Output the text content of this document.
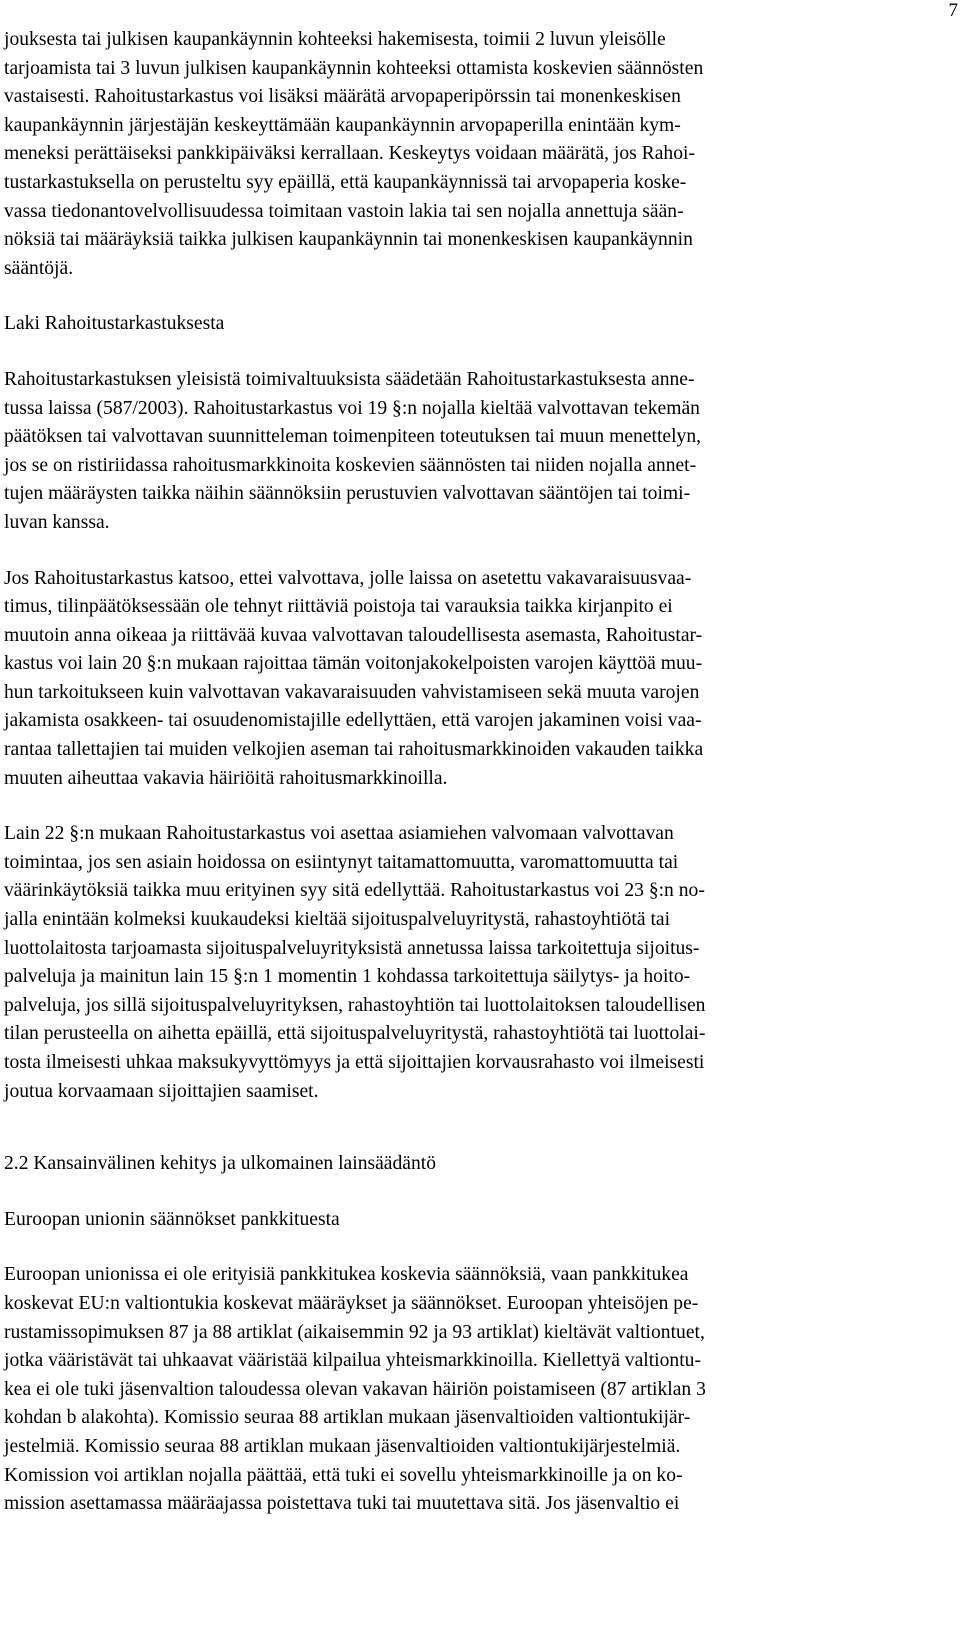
7
jouksesta tai julkisen kaupankäynnin kohteeksi hakemisesta, toimii 2 luvun yleisölle
tarjoamista tai 3 luvun julkisen kaupankäynnin kohteeksi ottamista koskevien säännösten
vastaisesti. Rahoitustarkastus voi lisäksi määrätä arvopaperipörssin tai monenkeskisen
kaupankäynnin järjestäjän keskeyttämään kaupankäynnin arvopaperilla enintään kym-
meneksi perättäiseksi pankkipäiväksi kerrallaan. Keskeytys voidaan määrätä, jos Rahoi-
tustarkastuksella on perusteltu syy epäillä, että kaupankäynnissä tai arvopaperia koske-
vassa tiedonantovelvollisuudessa toimitaan vastoin lakia tai sen nojalla annettuja sään-
nöksiä tai määräyksiä taikka julkisen kaupankäynnin tai monenkeskisen kaupankäynnin
sääntöjä.
Laki Rahoitustarkastuksesta
Rahoitustarkastuksen yleisistä toimivaltuuksista säädetään Rahoitustarkastuksesta anne-
tussa laissa (587/2003). Rahoitustarkastus voi 19 §:n nojalla kieltää valvottavan tekemän
päätöksen tai valvottavan suunnitteleman toimenpiteen toteutuksen tai muun menettelyn,
jos se on ristiriidassa rahoitusmarkkinoita koskevien säännösten tai niiden nojalla annet-
tujen määräysten taikka näihin säännöksiin perustuvien valvottavan sääntöjen tai toimi-
luvan kanssa.
Jos Rahoitustarkastus katsoo, ettei valvottava, jolle laissa on asetettu vakavaraisuusvaa-
timus, tilinpäätöksessään ole tehnyt riittäviä poistoja tai varauksia taikka kirjanpito ei
muutoin anna oikeaa ja riittävää kuvaa valvottavan taloudellisesta asemasta, Rahoitustar-
kastus voi lain 20 §:n mukaan rajoittaa tämän voitonjakokelpoisten varojen käyttöä muu-
hun tarkoitukseen kuin valvottavan vakavaraisuuden vahvistamiseen sekä muuta varojen
jakamista osakkeen- tai osuudenomistajille edellyttäen, että varojen jakaminen voisi vaa-
rantaa tallettajien tai muiden velkojien aseman tai rahoitusmarkkinoiden vakauden taikka
muuten aiheuttaa vakavia häiriöitä rahoitusmarkkinoilla.
Lain 22 §:n mukaan Rahoitustarkastus voi asettaa asiamiehen valvomaan valvottavan
toimintaa, jos sen asiain hoidossa on esiintynyt taitamattomuutta, varomattomuutta tai
väärinkäytöksiä taikka muu erityinen syy sitä edellyttää. Rahoitustarkastus voi 23 §:n no-
jalla enintään kolmeksi kuukaudeksi kieltää sijoituspalveluyritystä, rahastoyhtiötä tai
luottolaitosta tarjoamasta sijoituspalveluyrityksistä annetussa laissa tarkoitettuja sijoitus-
palveluja ja mainitun lain 15 §:n 1 momentin 1 kohdassa tarkoitettuja säilytys- ja hoito-
palveluja, jos sillä sijoituspalveluyrityksen, rahastoyhtiön tai luottolaitoksen taloudellisen
tilan perusteella on aihetta epäillä, että sijoituspalveluyritystä, rahastoyhtiötä tai luottolai-
tosta ilmeisesti uhkaa maksukyvyttömyys ja että sijoittajien korvausrahasto voi ilmeisesti
joutua korvaamaan sijoittajien saamiset.
2.2 Kansainvälinen kehitys ja ulkomainen lainsäädäntö
Euroopan unionin säännökset pankkituesta
Euroopan unionissa ei ole erityisiä pankkitukea koskevia säännöksiä, vaan pankkitukea
koskevat EU:n valtiontukia koskevat määräykset ja säännökset. Euroopan yhteisöjen pe-
rustamissopimuksen 87 ja 88 artiklat (aikaisemmin 92 ja 93 artiklat) kieltävät valtiontuet,
jotka vääristävät tai uhkaavat vääristää kilpailua yhteismarkkinoilla. Kiellettyä valtiontu-
kea ei ole tuki jäsenvaltion taloudessa olevan vakavan häiriön poistamiseen (87 artiklan 3
kohdan b alakohta). Komissio seuraa 88 artiklan mukaan jäsenvaltioiden valtiontukijär-
jestelmiä. Komissio seuraa 88 artiklan mukaan jäsenvaltioiden valtiontukijärjestelmiä.
Komission voi artiklan nojalla päättää, että tuki ei sovellu yhteismarkkinoille ja on ko-
mission asettamassa määräajassa poistettava tuki tai muutettava sitä. Jos jäsenvaltio ei
